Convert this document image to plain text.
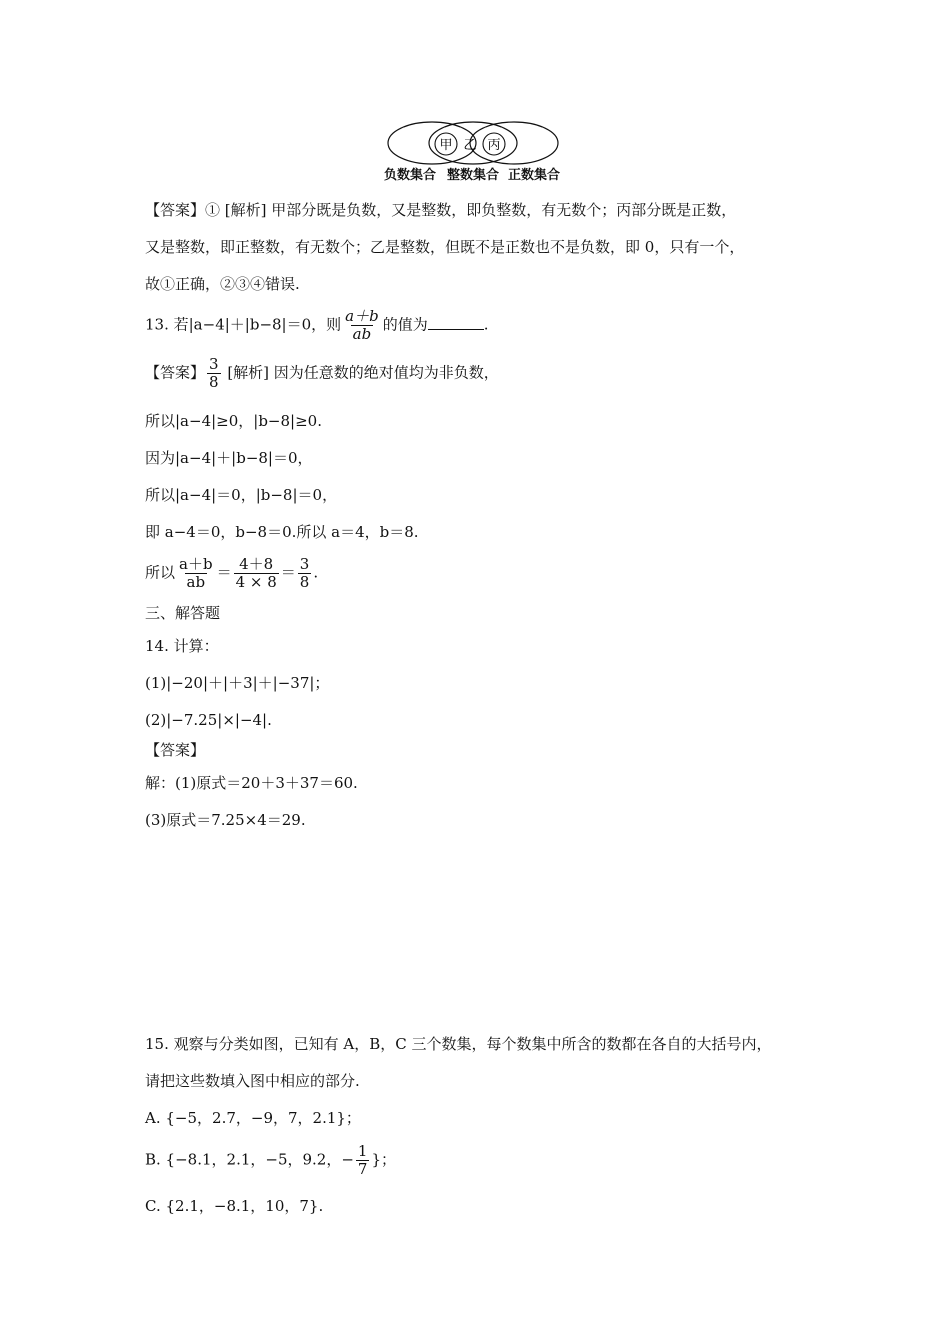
甲 乙 丙
负数集合 整数集合 正数集合
【答案】① [解析] 甲部分既是负数，又是整数，即负整数，有无数个；丙部分既是正数，
又是整数，即正整数，有无数个；乙是整数，但既不是正数也不是负数，即 0，只有一个，
故①正确，②③④错误.
13. 若|a−4|＋|b−8|＝0，则 $\frac{a+b}{ab}$ 的值为	.
【答案】 $\frac{3}{8}$ [解析] 因为任意数的绝对值均为非负数，
所以|a−4|≥0，|b−8|≥0.
因为|a−4|＋|b−8|＝0，
所以|a−4|＝0，|b−8|＝0，
即 a−4＝0，b−8＝0.所以 a＝4，b＝8.
所以 $\frac{a+b}{ab} = \frac{4+8}{4 \times 8} = \frac{3}{8}$ .
三、解答题
14. 计算：
(1)|−20|＋|＋3|＋|−37|；
(2)|−7.25|×|−4|.
【答案】
解：(1)原式＝20＋3＋37＝60.
(3)原式＝7.25×4＝29.
15. 观察与分类如图，已知有 A，B，C 三个数集，每个数集中所含的数都在各自的大括号内，
请把这些数填入图中相应的部分.
A. {−5，2.7，−9，7，2.1}；
B. {−8.1，2.1，−5，9.2，− $\frac{1}{7}$ }；
C. {2.1，−8.1，10，7}.
